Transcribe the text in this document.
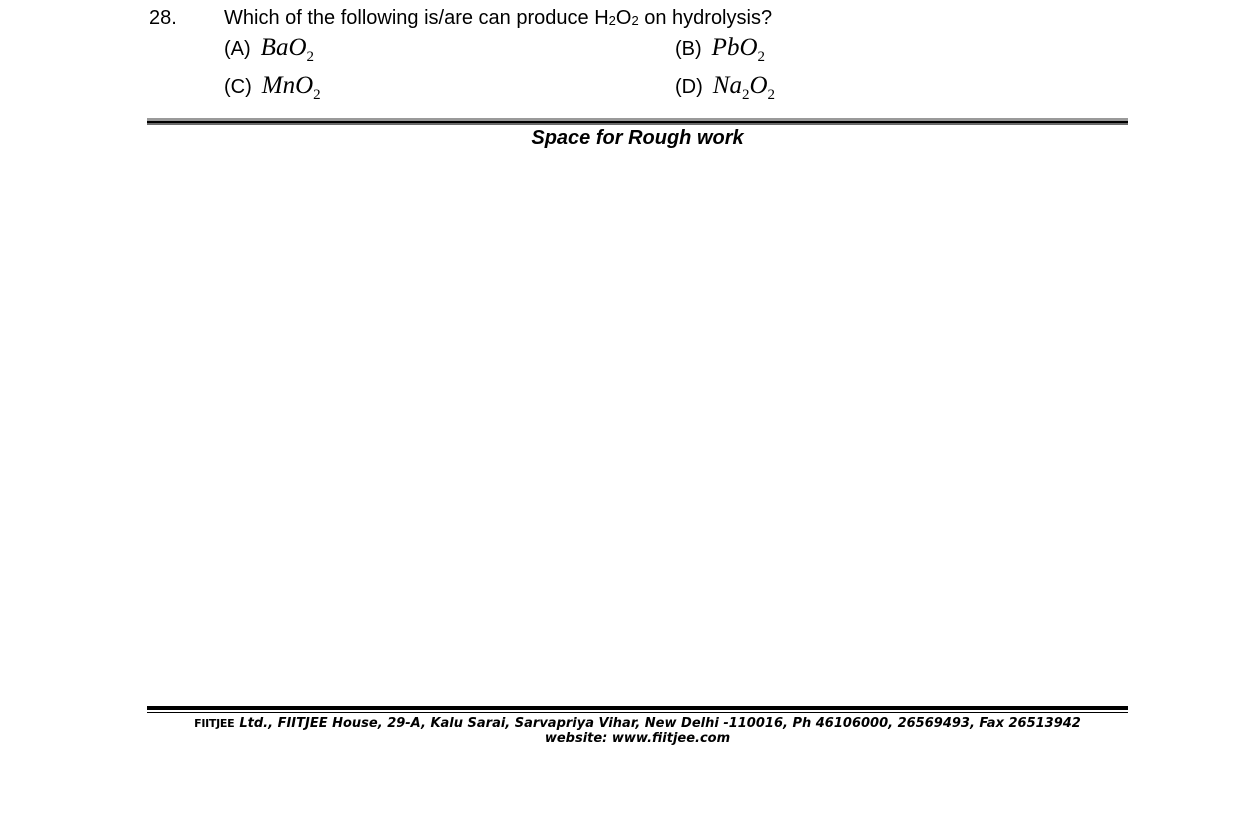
28. Which of the following is/are can produce $H_2O_2$ on hydrolysis?
(A) BaO$_2$	(B) PbO$_2$
(C) MnO$_2$	(D) $Na_2O_2$
Space for Rough work
FIITJEE Ltd., FIITJEE House, 29-A, Kalu Sarai, Sarvapriya Vihar, New Delhi -110016, Ph 46106000, 26569493, Fax 26513942
website: www.fiitjee.com
